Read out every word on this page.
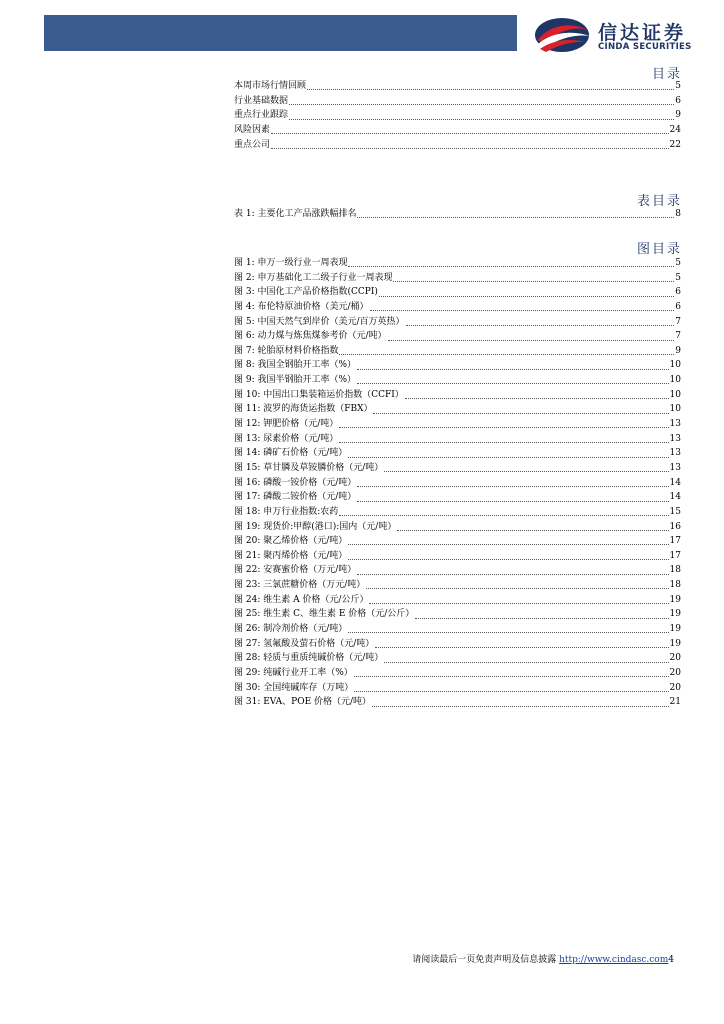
信达证券
CINDA SECURITIES
目录
本周市场行情回顾	5
行业基础数据	6
重点行业跟踪	9
风险因素	24
重点公司	22
表目录
表 1: 主要化工产品涨跌幅排名	8
图目录
图 1: 申万一级行业一周表现	5
图 2: 申万基础化工二级子行业一周表现	5
图 3: 中国化工产品价格指数(CCPI)	6
图 4: 布伦特原油价格（美元/桶）	6
图 5: 中国天然气到岸价（美元/百万英热）	7
图 6: 动力煤与炼焦煤参考价（元/吨）	7
图 7: 轮胎原材料价格指数	9
图 8: 我国全钢胎开工率（%）	10
图 9: 我国半钢胎开工率（%）	10
图 10: 中国出口集装箱运价指数（CCFI）	10
图 11: 波罗的海货运指数（FBX）	10
图 12: 钾肥价格（元/吨）	13
图 13: 尿素价格（元/吨）	13
图 14: 磷矿石价格（元/吨）	13
图 15: 草甘膦及草铵膦价格（元/吨）	13
图 16: 磷酸一铵价格（元/吨）	14
图 17: 磷酸二铵价格（元/吨）	14
图 18: 申万行业指数:农药	15
图 19: 现货价:甲醇(港口):国内（元/吨）	16
图 20: 聚乙烯价格（元/吨）	17
图 21: 聚丙烯价格（元/吨）	17
图 22: 安赛蜜价格（万元/吨）	18
图 23: 三氯蔗糖价格（万元/吨）	18
图 24: 维生素 A 价格（元/公斤）	19
图 25: 维生素 C、维生素 E 价格（元/公斤）	19
图 26: 制冷剂价格（元/吨）	19
图 27: 氢氟酸及萤石价格（元/吨）	19
图 28: 轻质与重质纯碱价格（元/吨）	20
图 29: 纯碱行业开工率（%）	20
图 30: 全国纯碱库存（万吨）	20
图 31: EVA、POE 价格（元/吨）	21
请阅读最后一页免责声明及信息披露 http://www.cindasc.com4
